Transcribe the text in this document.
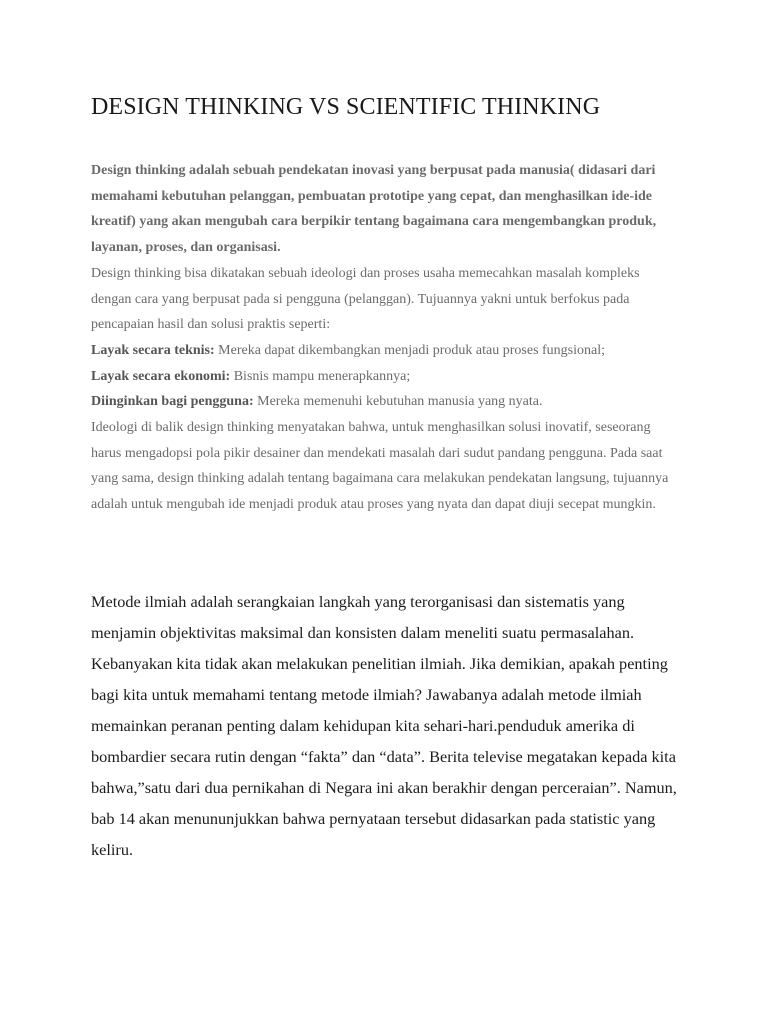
DESIGN THINKING VS SCIENTIFIC THINKING

Design thinking adalah sebuah pendekatan inovasi yang berpusat pada manusia( didasari dari memahami kebutuhan pelanggan, pembuatan prototipe yang cepat, dan menghasilkan ide-ide kreatif) yang akan mengubah cara berpikir tentang bagaimana cara mengembangkan produk, layanan, proses, dan organisasi.

Design thinking bisa dikatakan sebuah ideologi dan proses usaha memecahkan masalah kompleks dengan cara yang berpusat pada si pengguna (pelanggan). Tujuannya yakni untuk berfokus pada pencapaian hasil dan solusi praktis seperti:

Layak secara teknis: Mereka dapat dikembangkan menjadi produk atau proses fungsional;

Layak secara ekonomi: Bisnis mampu menerapkannya;

Diinginkan bagi pengguna: Mereka memenuhi kebutuhan manusia yang nyata.

Ideologi di balik design thinking menyatakan bahwa, untuk menghasilkan solusi inovatif, seseorang harus mengadopsi pola pikir desainer dan mendekati masalah dari sudut pandang pengguna. Pada saat yang sama, design thinking adalah tentang bagaimana cara melakukan pendekatan langsung, tujuannya adalah untuk mengubah ide menjadi produk atau proses yang nyata dan dapat diuji secepat mungkin.

Metode ilmiah adalah serangkaian langkah yang terorganisasi dan sistematis yang menjamin objektivitas maksimal dan konsisten dalam meneliti suatu permasalahan. Kebanyakan kita tidak akan melakukan penelitian ilmiah. Jika demikian, apakah penting bagi kita untuk memahami tentang metode ilmiah? Jawabanya adalah metode ilmiah memainkan peranan penting dalam kehidupan kita sehari-hari.penduduk amerika di bombardier secara rutin dengan “fakta” dan “data”. Berita televise megatakan kepada kita bahwa,”satu dari dua pernikahan di Negara ini akan berakhir dengan perceraian”. Namun, bab 14 akan menununjukkan bahwa pernyataan tersebut didasarkan pada statistic yang keliru.
